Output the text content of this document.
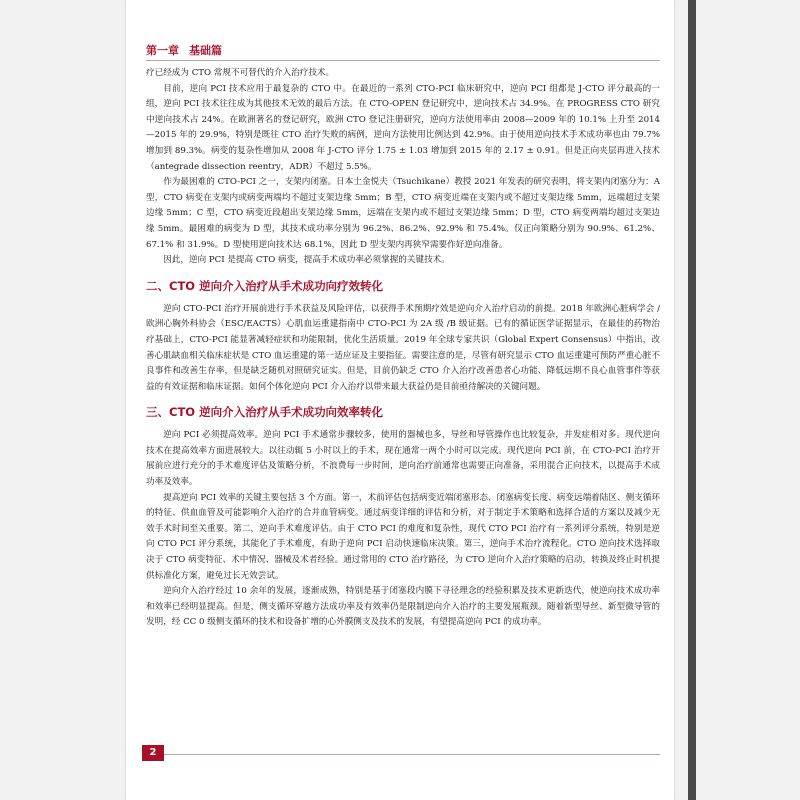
第一章 基础篇

疗已经成为 CTO 常规不可替代的介入治疗技术。

目前，逆向 PCI 技术应用于最复杂的 CTO 中。在最近的一系列 CTO-PCI 临床研究中，逆向 PCI 组都是 J-CTO 评分最高的一组，逆向 PCI 技术往往成为其他技术无效的最后方法。在 CTO-OPEN 登记研究中，逆向技术占 34.9%。在 PROGRESS CTO 研究中逆向技术占 24%。在欧洲著名的登记研究，欧洲 CTO 登记注册研究，逆向方法使用率由 2008—2009 年的 10.1% 上升至 2014—2015 年的 29.9%，特别是既往 CTO 治疗失败的病例，逆向方法使用比例达到 42.9%。由于使用逆向技术手术成功率也由 79.7% 增加到 89.3%。病变的复杂性增加从 2008 年 J-CTO 评分 1.75 ± 1.03 增加到 2015 年的 2.17 ± 0.91。但是正向夹层再进入技术（antegrade dissection reentry，ADR）不超过 5.5%。

作为最困难的 CTO-PCI 之一，支架内闭塞。日本土金悦夫（Tsuchikane）教授 2021 年发表的研究表明，将支架内闭塞分为：A 型，CTO 病变在支架内或病变两端均不超过支架边缘 5mm；B 型，CTO 病变近端在支架内或不超过支架边缘 5mm，远端超过支架边缘 5mm；C 型，CTO 病变近段超出支架边缘 5mm，远端在支架内或不超过支架边缘 5mm；D 型，CTO 病变两端均超过支架边缘 5mm。最困难的病变为 D 型，其技术成功率分别为 96.2%、86.2%、92.9% 和 75.4%。仅正向策略分别为 90.9%、61.2%、67.1% 和 31.9%。D 型使用逆向技术达 68.1%，因此 D 型支架内再狭窄需要作好逆向准备。

因此，逆向 PCI 是提高 CTO 病变，提高手术成功率必须掌握的关键技术。

二、CTO 逆向介入治疗从手术成功向疗效转化

逆向 CTO-PCI 治疗开展前进行手术获益及风险评估，以获得手术预期疗效是逆向介入治疗启动的前提。2018 年欧洲心脏病学会 / 欧洲心胸外科协会（ESC/EACTS）心肌血运重建指南中 CTO-PCI 为 2A 级 /B 级证据。已有的循证医学证据显示，在最佳的药物治疗基础上，CTO-PCI 能显著减轻症状和功能限制，优化生活质量。2019 年全球专家共识（Global Expert Consensus）中指出，改善心肌缺血相关临床症状是 CTO 血运重建的第一适应证及主要指征。需要注意的是，尽管有研究显示 CTO 血运重建可预防严重心脏不良事件和改善生存率，但是缺乏随机对照研究证实。但是，目前仍缺乏 CTO 介入治疗改善患者心功能、降低远期不良心血管事件等获益的有效证据和临床证据。如何个体化逆向 PCI 介入治疗以带来最大获益仍是目前亟待解决的关键问题。

三、CTO 逆向介入治疗从手术成功向效率转化

逆向 PCI 必须提高效率。逆向 PCI 手术通常步骤较多，使用的器械也多，导丝和导管操作也比较复杂，并发症相对多。现代逆向技术在提高效率方面进展较大。以往动辄 5 小时以上的手术，现在通常一两个小时可以完成。现代逆向 PCI 前，在 CTO-PCI 治疗开展前应进行充分的手术难度评估及策略分析，不浪费每一步时间，逆向治疗前通常也需要正向准备，采用混合正向技术，以提高手术成功率及效率。

提高逆向 PCI 效率的关键主要包括 3 个方面。第一，术前评估包括病变近端闭塞形态、闭塞病变长度、病变远端着陆区、侧支循环的特征、供血血管及可能影响介入治疗的合并血管病变。通过病变详细的评估和分析，对于制定手术策略和选择合适的方案以及减少无效手术时间至关重要。第二，逆向手术难度评估。由于 CTO PCI 的难度和复杂性，现代 CTO PCI 治疗有一系列评分系统，特别是逆向 CTO PCI 评分系统，其能化了手术难度，有助于逆向 PCI 启动快速临床决策。第三，逆向手术治疗流程化。CTO 逆向技术选择取决于 CTO 病变特征、术中情况、器械及术者经验。通过常用的 CTO 治疗路径，为 CTO 逆向介入治疗策略的启动，转换及终止时机提供标准化方案，避免过长无效尝试。

逆向介入治疗经过 10 余年的发展，逐渐成熟，特别是基于闭塞段内膜下寻径理念的经验积累及技术更新迭代，使逆向技术成功率和效率已经明显提高。但是，侧支循环穿越方法成功率及有效率仍是限制逆向介入治疗的主要发展瓶颈。随着新型导丝、新型微导管的发明，经 CC 0 级侧支循环的技术和设备扩增的心外膜侧支及技术的发展，有望提高逆向 PCI 的成功率。

2
